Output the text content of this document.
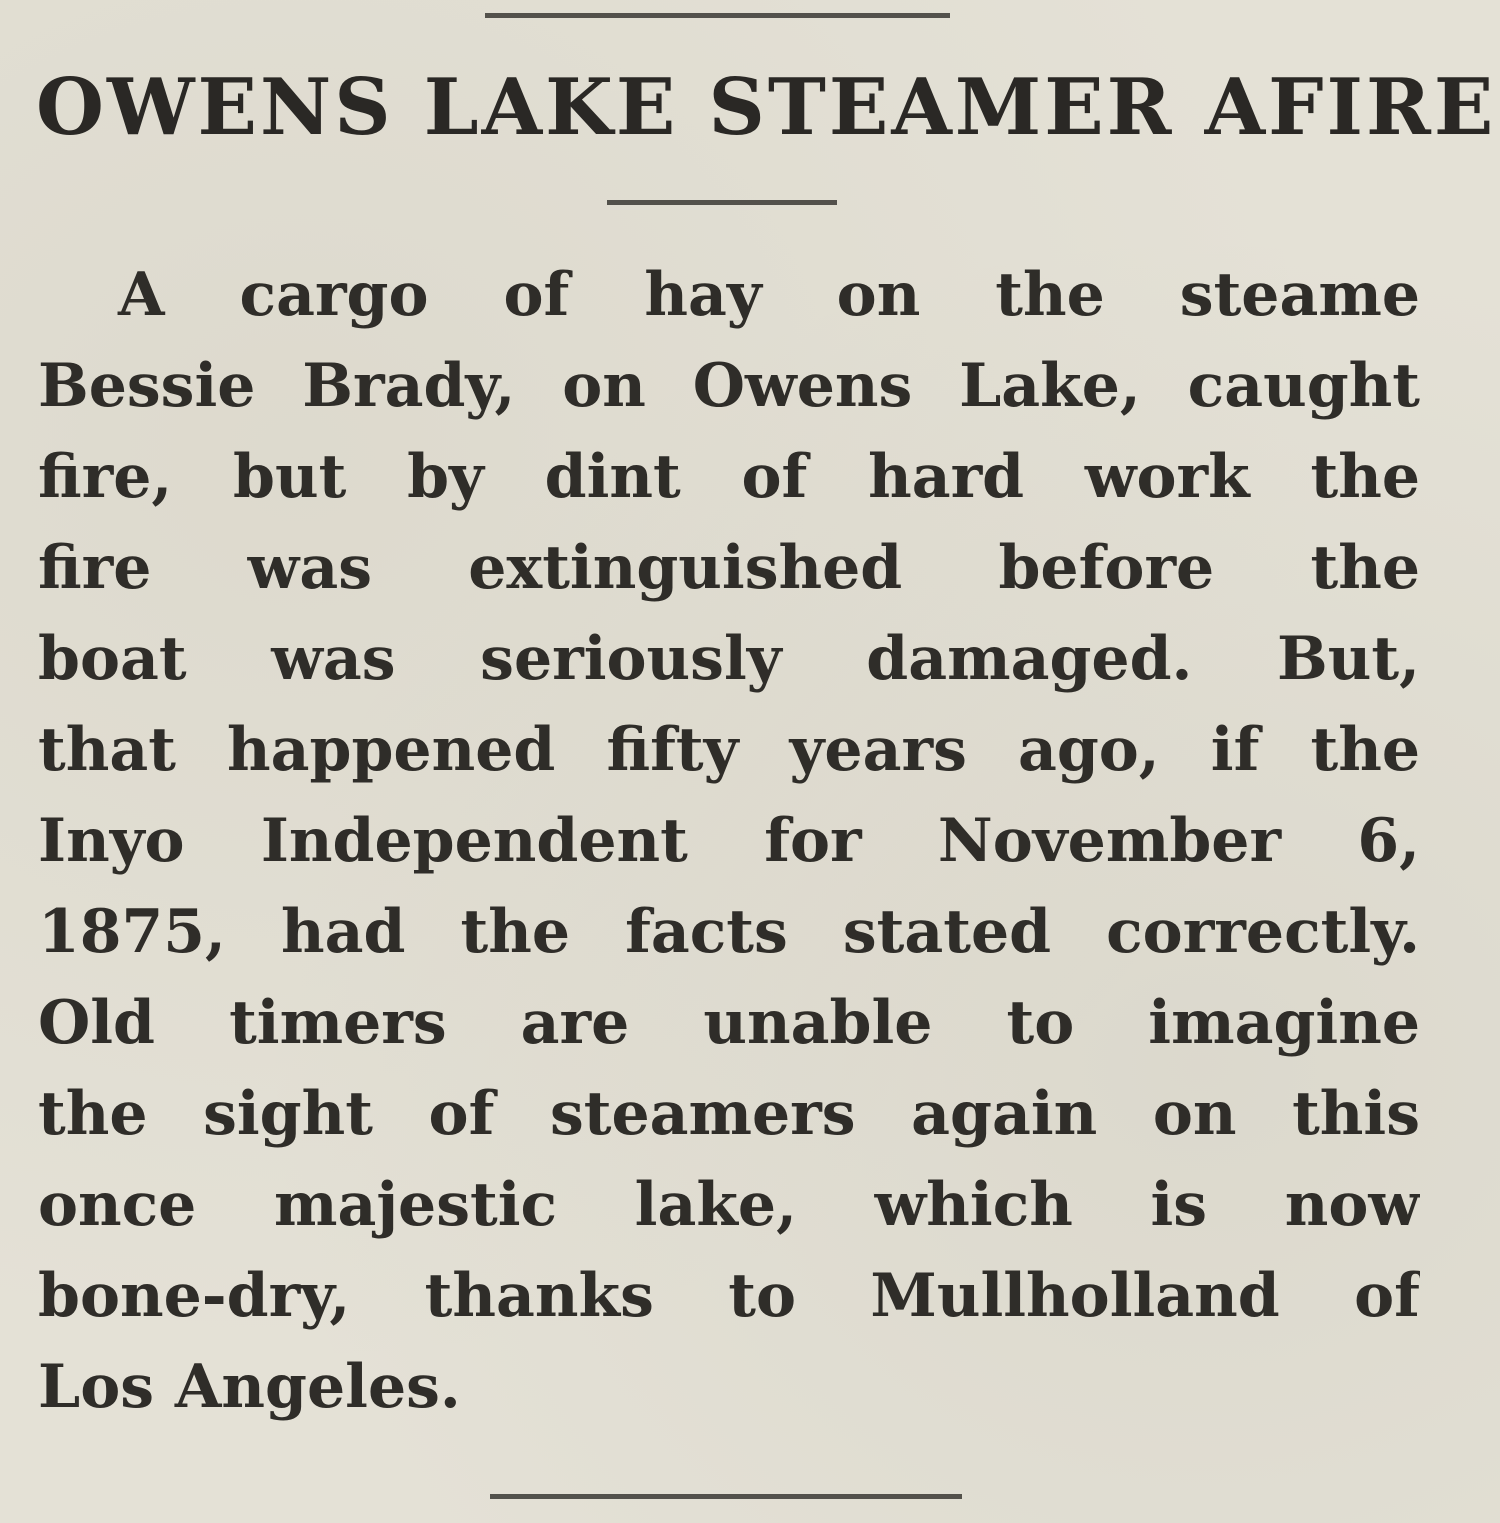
OWENS LAKE STEAMER AFIRE
A cargo of hay on the steame
Bessie Brady, on Owens Lake, caught
fire, but by dint of hard work the
fire was extinguished before the
boat was seriously damaged. But,
that happened fifty years ago, if the
Inyo Independent for November 6,
1875, had the facts stated correctly.
Old timers are unable to imagine
the sight of steamers again on this
once majestic lake, which is now
bone-dry, thanks to Mullholland of
Los Angeles.
